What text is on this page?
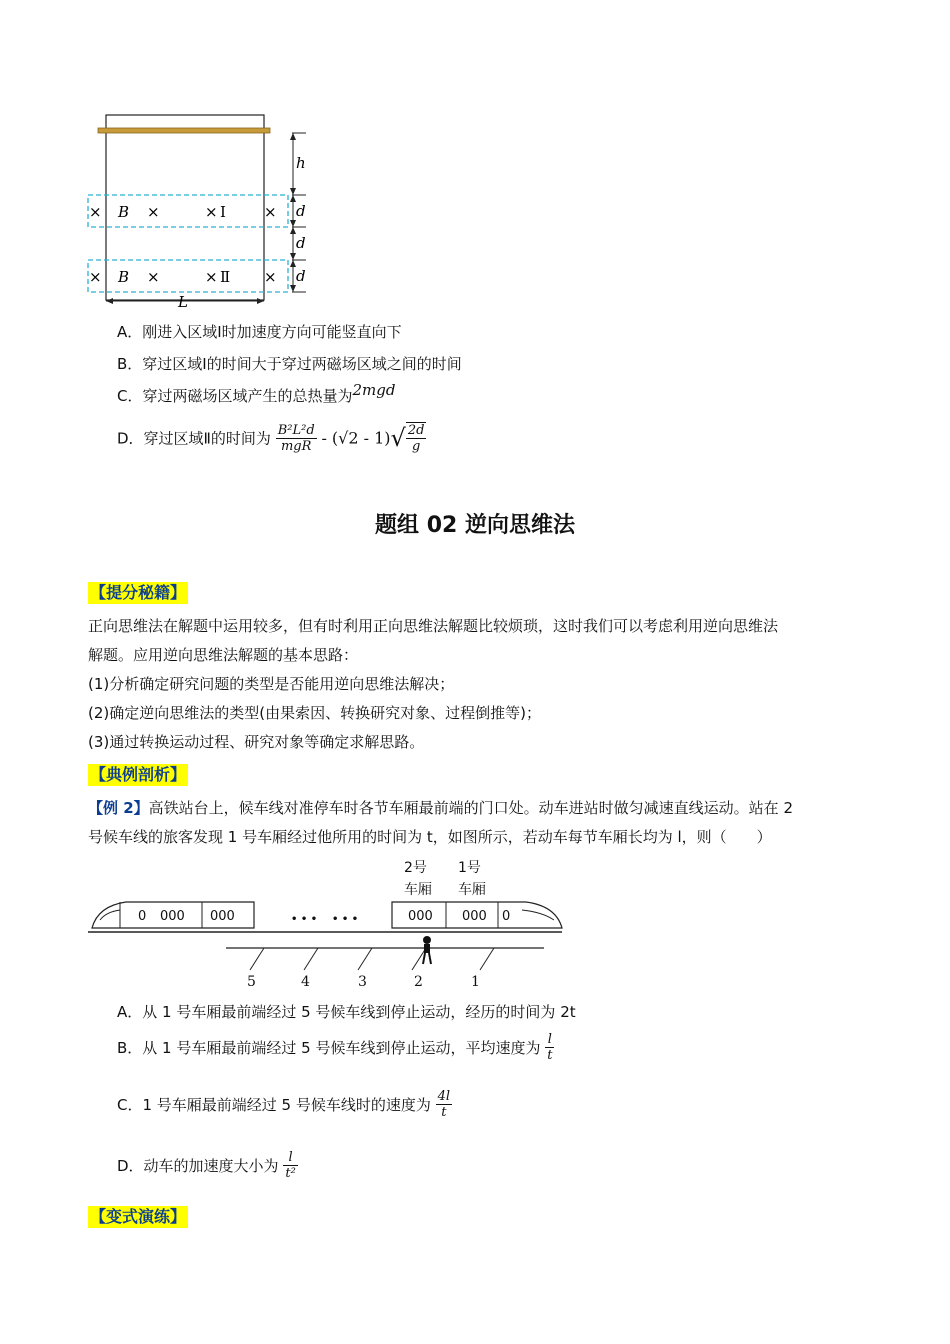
h
d
d
d
L
× B ×	× Ⅰ	×
× B ×	× Ⅱ ×
A．刚进入区域Ⅰ时加速度方向可能竖直向下
B．穿过区域Ⅰ的时间大于穿过两磁场区域之间的时间
C．穿过两磁场区域产生的总热量为2mgd
D．穿过区域Ⅱ的时间为 $\frac{\text{B²L²d}}{\text{mgR}} - (√2 - 1)√ \frac{2d}{g}$
题组 02 逆向思维法
【提分秘籍】
正向思维法在解题中运用较多，但有时利用正向思维法解题比较烦琐，这时我们可以考虑利用逆向思维法
解题。应用逆向思维法解题的基本思路：
(1)分析确定研究问题的类型是否能用逆向思维法解决；
(2)确定逆向思维法的类型(由果索因、转换研究对象、过程倒推等)；
(3)通过转换运动过程、研究对象等确定求解思路。
【典例剖析】
【例 2】高铁站台上，候车线对准停车时各节车厢最前端的门口处。动车进站时做匀减速直线运动。站在 2
号候车线的旅客发现 1 号车厢经过他所用的时间为 t，如图所示，若动车每节车厢长均为 l，则（　　）
2号
车厢
1号
车厢
0 000 000	000 000 0
• • • • • •
5	4	3	2	1
A．从 1 号车厢最前端经过 5 号候车线到停止运动，经历的时间为 2t
B．从 1 号车厢最前端经过 5 号候车线到停止运动，平均速度为 $\frac{l}{t}$
C．1 号车厢最前端经过 5 号候车线时的速度为 $\frac{4l}{t}$
D．动车的加速度大小为 $\frac{l}{\text{t²}}$
【变式演练】
